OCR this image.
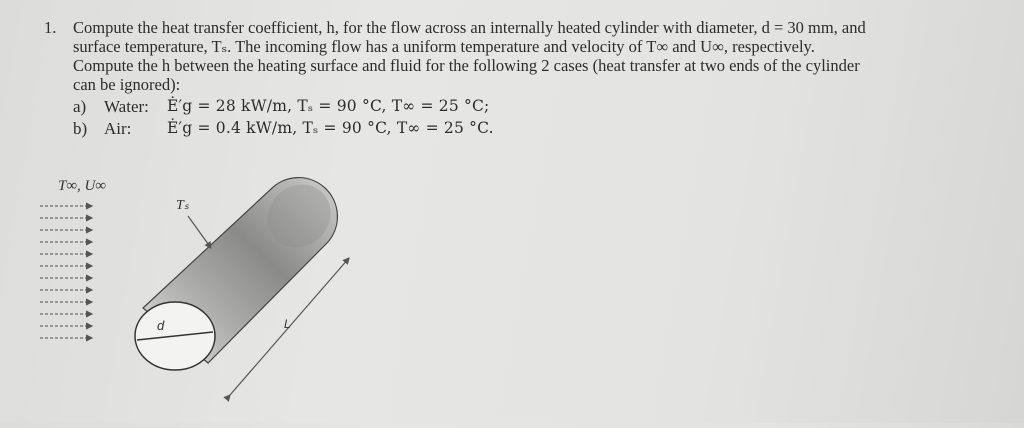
1. Compute the heat transfer coefficient, h, for the flow across an internally heated cylinder with diameter, d = 30 mm, and
surface temperature, Tₛ. The incoming flow has a uniform temperature and velocity of T∞ and U∞, respectively.
Compute the h between the heating surface and fluid for the following 2 cases (heat transfer at two ends of the cylinder
can be ignored):
a) Water: Ė′g = 28 kW/m, Tₛ = 90 °C, T∞ = 25 °C;
b) Air: Ė′g = 0.4 kW/m, Tₛ = 90 °C, T∞ = 25 °C.
T∞, U∞
Tₛ
d	L
